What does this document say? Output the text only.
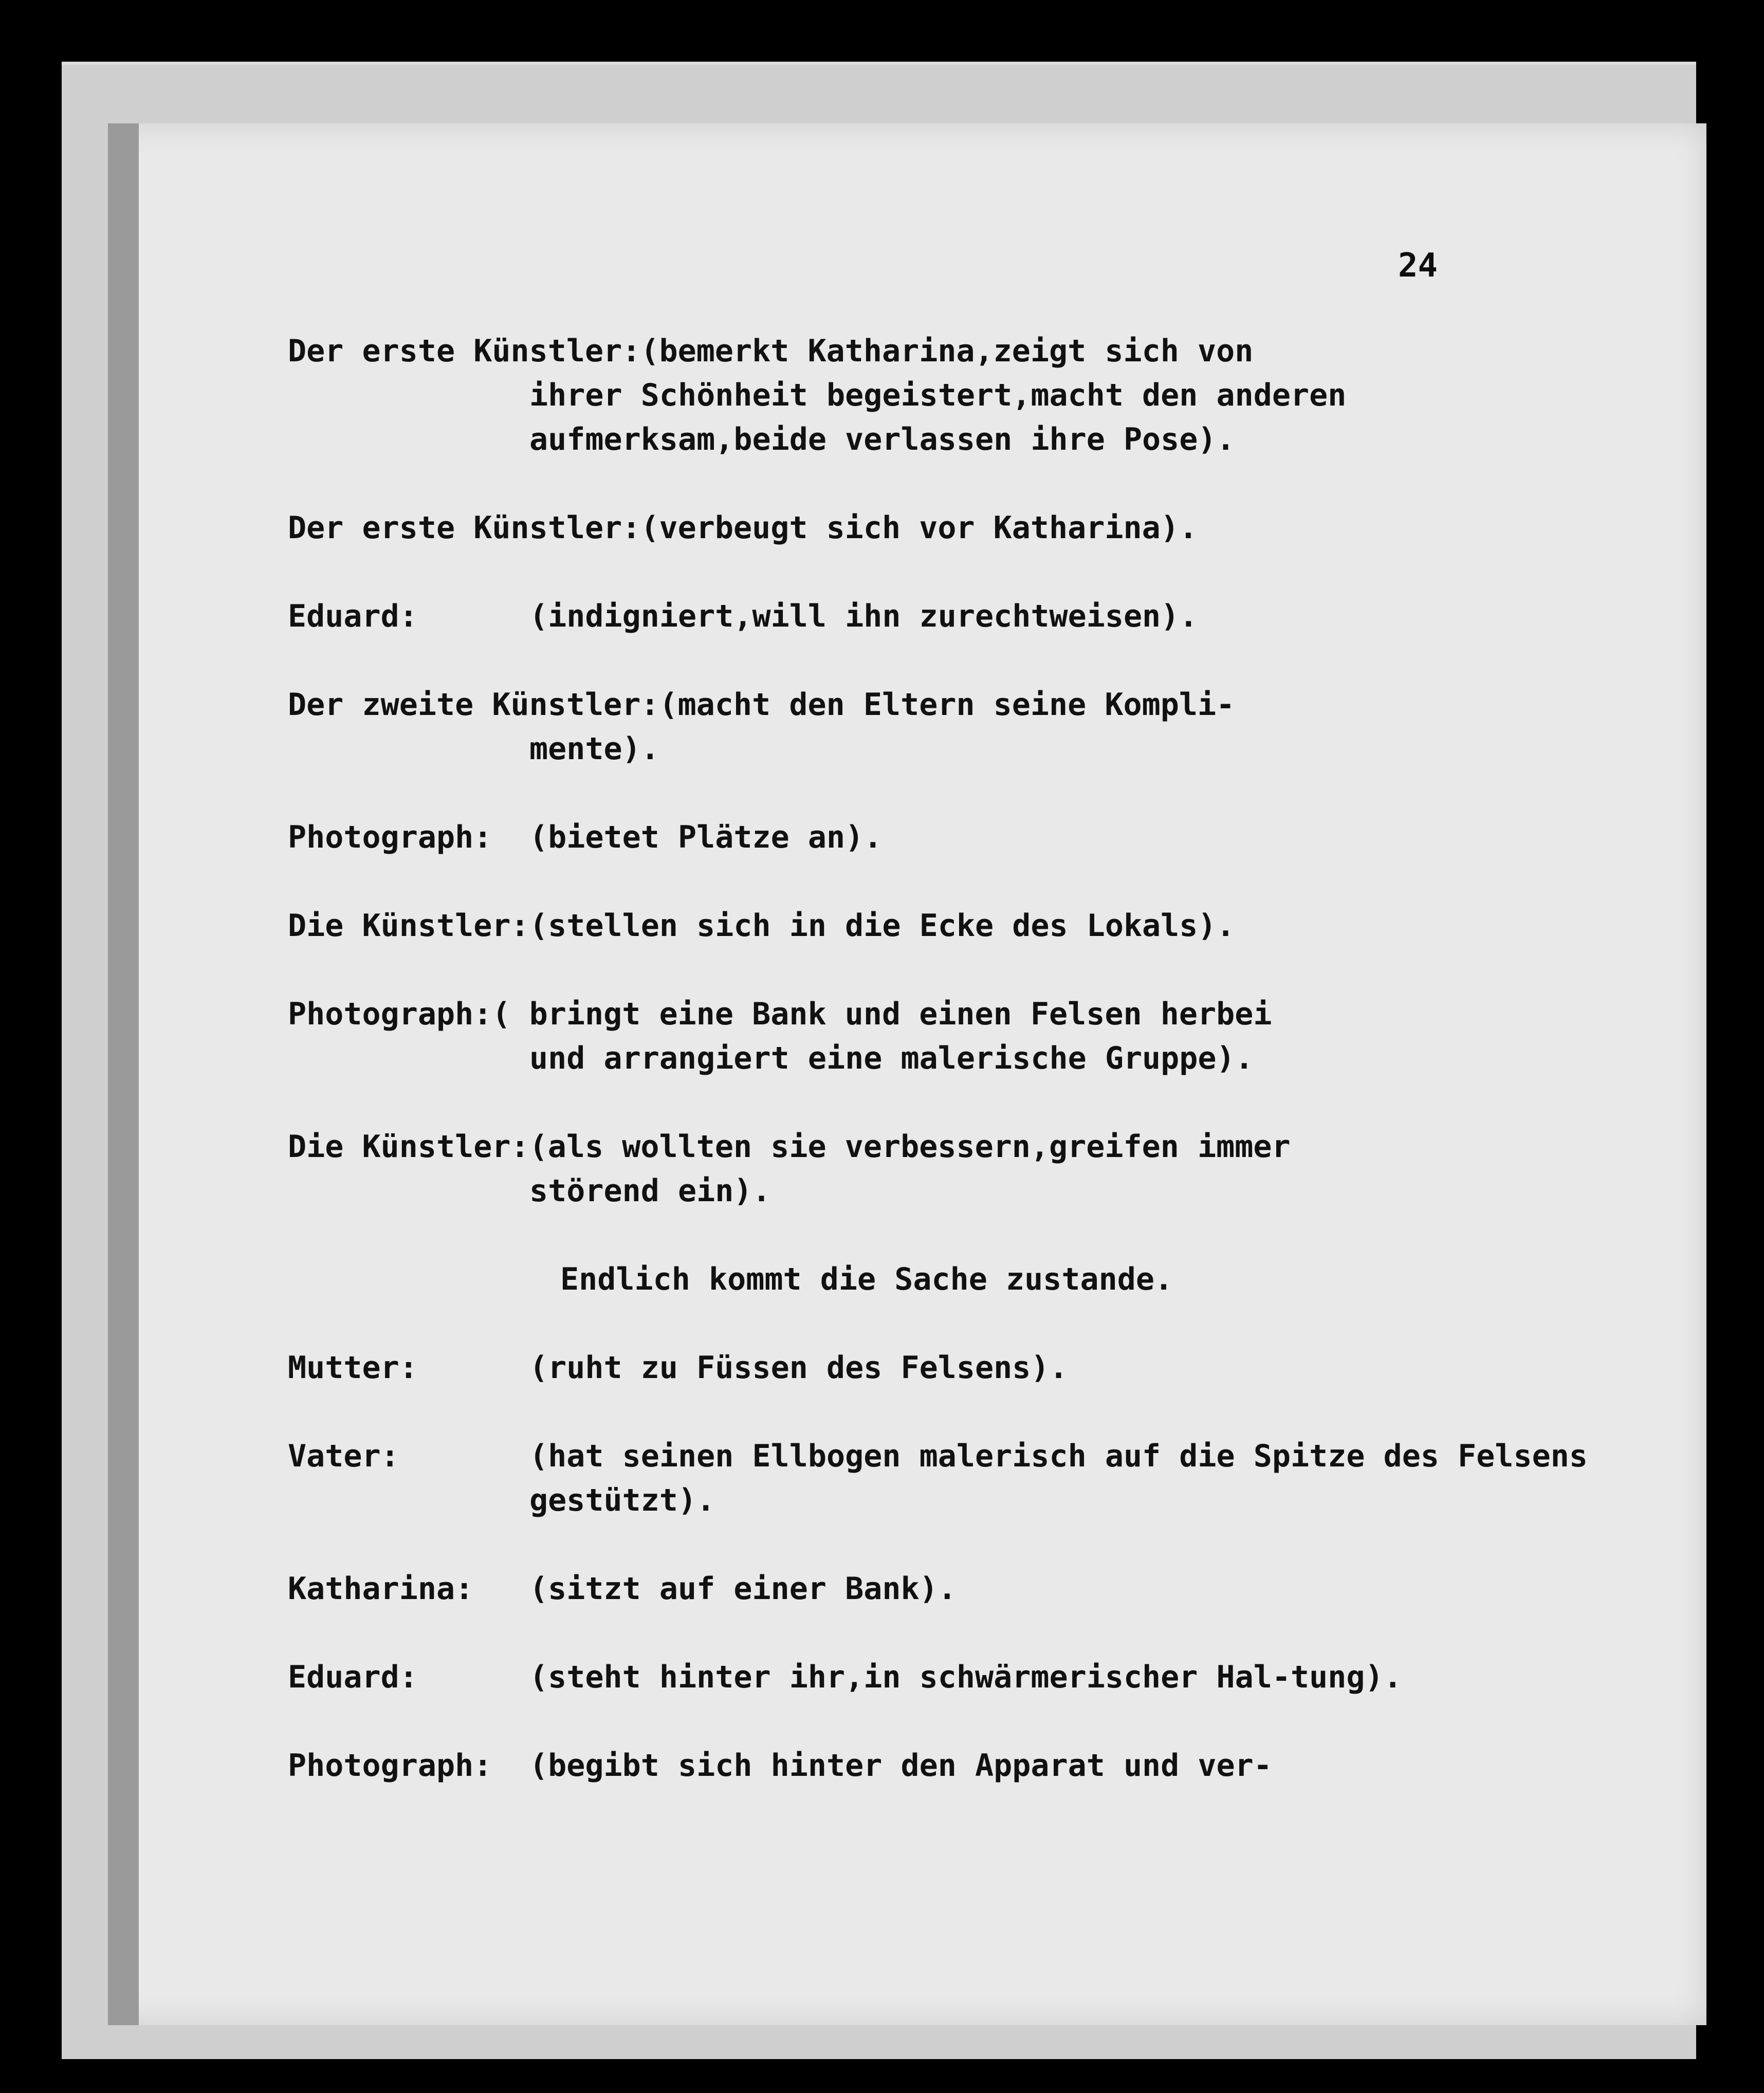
24
Der erste Künstler:(bemerkt Katharina,zeigt sich von
ihrer Schönheit begeistert,macht den anderen aufmerksam,beide verlassen ihre Pose).
Der erste Künstler:(verbeugt sich vor Katharina).
Eduard:	(indigniert,will ihn zurechtweisen).
Der zweite Künstler:(macht den Eltern seine Kompli-
mente).
Photograph:	(bietet Plätze an).
Die Künstler: (stellen sich in die Ecke des Lokals).
Photograph:( bringt eine Bank und einen Felsen herbei
und arrangiert eine malerische Gruppe).
Die Künstler:(als wollten sie verbessern,greifen immer
störend ein).
Endlich kommt die Sache zustande.
Mutter:	(ruht zu Füssen des Felsens).
Vater:	(hat seinen Ellbogen malerisch auf die Spitze des Felsens gestützt).
Katharina:	(sitzt auf einer Bank).
Eduard:	(steht hinter ihr,in schwärmerischer Hal-tung).
Photograph:	(begibt sich hinter den Apparat und ver-
